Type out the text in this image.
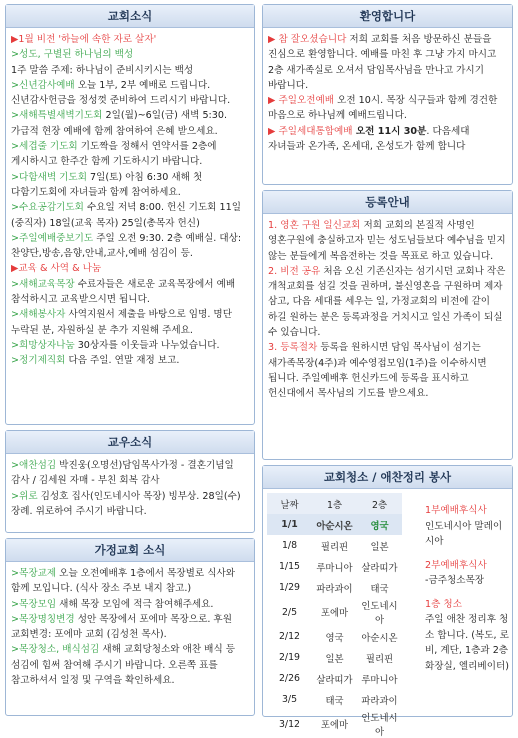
교회소식

▶1월 비전 '하늘에 속한 자로 살자'

>성도, 구별된 하나님의 백성

1주 말씀 주제: 하나님이 준비시키시는 백성

>신년감사예배 오늘 1부, 2부 예배로 드립니다. 신년감사헌금을 정성껏 준비하여 드리시기 바랍니다.

>새해특별새벽기도회 2일(월)~6일(금) 새벽 5:30. 가급적 현장 예배에 함께 참여하여 은혜 받으세요.

>세겹줄 기도회 기도짝을 정해서 연약서를 2층에 게시하시고 한주간 함께 기도하시기 바랍니다.

>다함새벽 기도회 7일(토) 아침 6:30 새해 첫 다함기도회에 자녀들과 함께 참여하세요.

>수요공감기도회 수요일 저녁 8:00. 헌신 기도회 11일(중직자) 18일(교육 목자) 25일(총목자 헌신)

>주일예배중보기도 주일 오전 9:30. 2층 예배실. 대상: 찬양단,방송,음향,안내,교사,예배 섬김이 등.

▶교육 & 사역 & 나눔

>새해교육목장 수료자들은 새로운 교육목장에서 예배 참석하시고 교육받으시면 됩니다.

>새해봉사자 사역지원서 제출을 바탕으로 임명. 명단 누락된 분, 자원하실 분 추가 지원해 주세요.

>희망상자나눔 30상자를 이웃들과 나누었습니다.

>정기제직회 다음 주일. 연말 재정 보고.

교우소식

>애찬섬김 박진웅(오명선)담임목사가정 - 결혼기념일 감사 / 김세원 자매 - 부친 회복 감사

>위로 김성호 집사(인도네시아 목장) 빙부상. 28일(수) 장례. 위로하여 주시기 바랍니다.

가정교회 소식

>목장교제 오늘 오전예배후 1층에서 목장별로 식사와 함께 모입니다. (식사 장소 주보 내지 참고.)

>목장모임 새해 목장 모임에 적극 참여해주세요.

>목장명칭변경 성안 목장에서 포에마 목장으로. 후원 교회변경: 포에마 교회 (김성천 목사).

>목장청소, 배식섬김 새해 교회당청소와 애찬 배식 등 섬김에 힘써 참여해 주시기 바랍니다. 오른쪽 표를 참고하셔서 일정 및 구역을 확인하세요.

환영합니다

▶ 참 잘오셨습니다 저희 교회를 처음 방문하신 분들을 진심으로 환영합니다. 예배를 마친 후 그냥 가지 마시고 2층 새가족실로 오셔서 담임목사님을 만나고 가시기 바랍니다.

▶ 주일오전예배 오전 10시. 목장 식구들과 함께 경건한 마음으로 하나님께 예배드립니다.

▶ 주일세대통합예배 오전 11시 30분. 다음세대 자녀들과 온가족, 온세대, 온성도가 함께 합니다

등록안내

1. 영혼 구원 일신교회 저희 교회의 본질적 사명인 영혼구원에 충실하고자 믿는 성도님들보다 예수님을 믿지 않는 분들에게 복음전하는 것을 목표로 하고 있습니다.

2. 비전 공유 처음 오신 기존신자는 섬기시던 교회나 작은 개척교회를 섬길 것을 권하며, 불신영혼을 구원하며 제자 삼고, 다음 세대를 세우는 일, 가정교회의 비전에 같이 하길 원하는 분은 등록과정을 거치시고 일신 가족이 되실 수 있습니다.

3. 등록절차 등록을 원하시면 담임 목사님이 섬기는 새가족목장(4주)과 예수영접모임(1주)을 이수하시면 됩니다. 주일예배후 헌신카드에 등록을 표시하고 헌신대에서 목사님의 기도를 받으세요.

교회청소 / 애찬정리 봉사
날짜	1층	2층
1/1	아순시온	영국
1/8	필리핀	일본
1/15	루마니아	살라띠가
1/29	파라과이	태국
2/5	포에마	인도네시아
2/12	영국	아순시온
2/19	일본	필리핀
2/26	살라띠가	루마니아
3/5	태국	파라과이
3/12	포에마	인도네시아
1부예배후식사
인도네시아 말레이시아
2부예배후식사
-금주청소목장
1층 청소
주일 애찬 정리후 청소 합니다. (복도, 로비, 계단, 1층과 2층 화장실, 엘리베이터)
